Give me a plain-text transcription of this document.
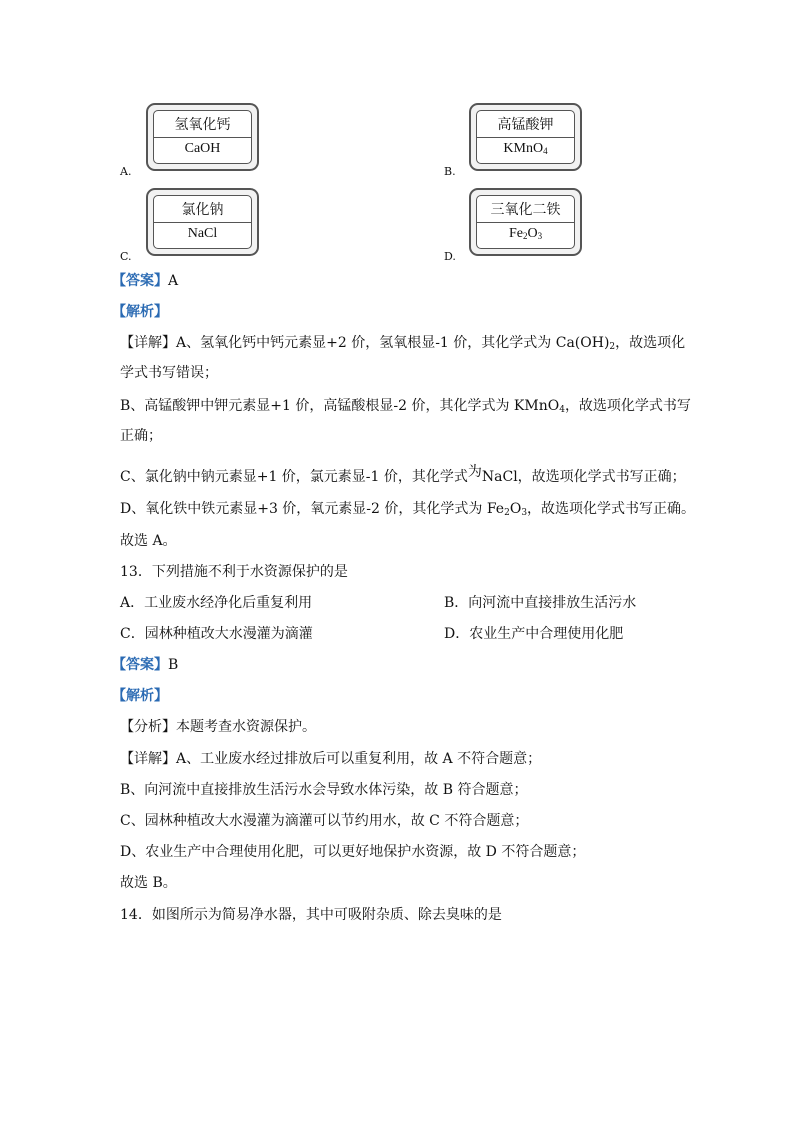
氢氧化钙
CaOH
A.
高锰酸钾
KMnO$_4$
B.
氯化钠
NaCl
C.
三氧化二铁
$Fe_2O_3$
D.
【答案】A
【解析】
【详解】A、氢氧化钙中钙元素显+2 价，氢氧根显-1 价，其化学式为 $Ca(OH)_2$，故选项化
学式书写错误；
B、高锰酸钾中钾元素显+1 价，高锰酸根显-2 价，其化学式为 KMnO$_4$，故选项化学式书写
正确；
C、氯化钠中钠元素显+1 价，氯元素显-1 价，其化学式为NaCl，故选项化学式书写正确；
D、氧化铁中铁元素显+3 价，氧元素显-2 价，其化学式为 $Fe_2O_3$，故选项化学式书写正确。
故选 A。
13．下列措施不利于水资源保护的是
A．工业废水经净化后重复利用	B．向河流中直接排放生活污水
C．园林种植改大水漫灌为滴灌	D．农业生产中合理使用化肥
【答案】B
【解析】
【分析】本题考查水资源保护。
【详解】A、工业废水经过排放后可以重复利用，故 A 不符合题意；
B、向河流中直接排放生活污水会导致水体污染，故 B 符合题意；
C、园林种植改大水漫灌为滴灌可以节约用水，故 C 不符合题意；
D、农业生产中合理使用化肥，可以更好地保护水资源，故 D 不符合题意；
故选 B。
14．如图所示为简易净水器，其中可吸附杂质、除去臭味的是
